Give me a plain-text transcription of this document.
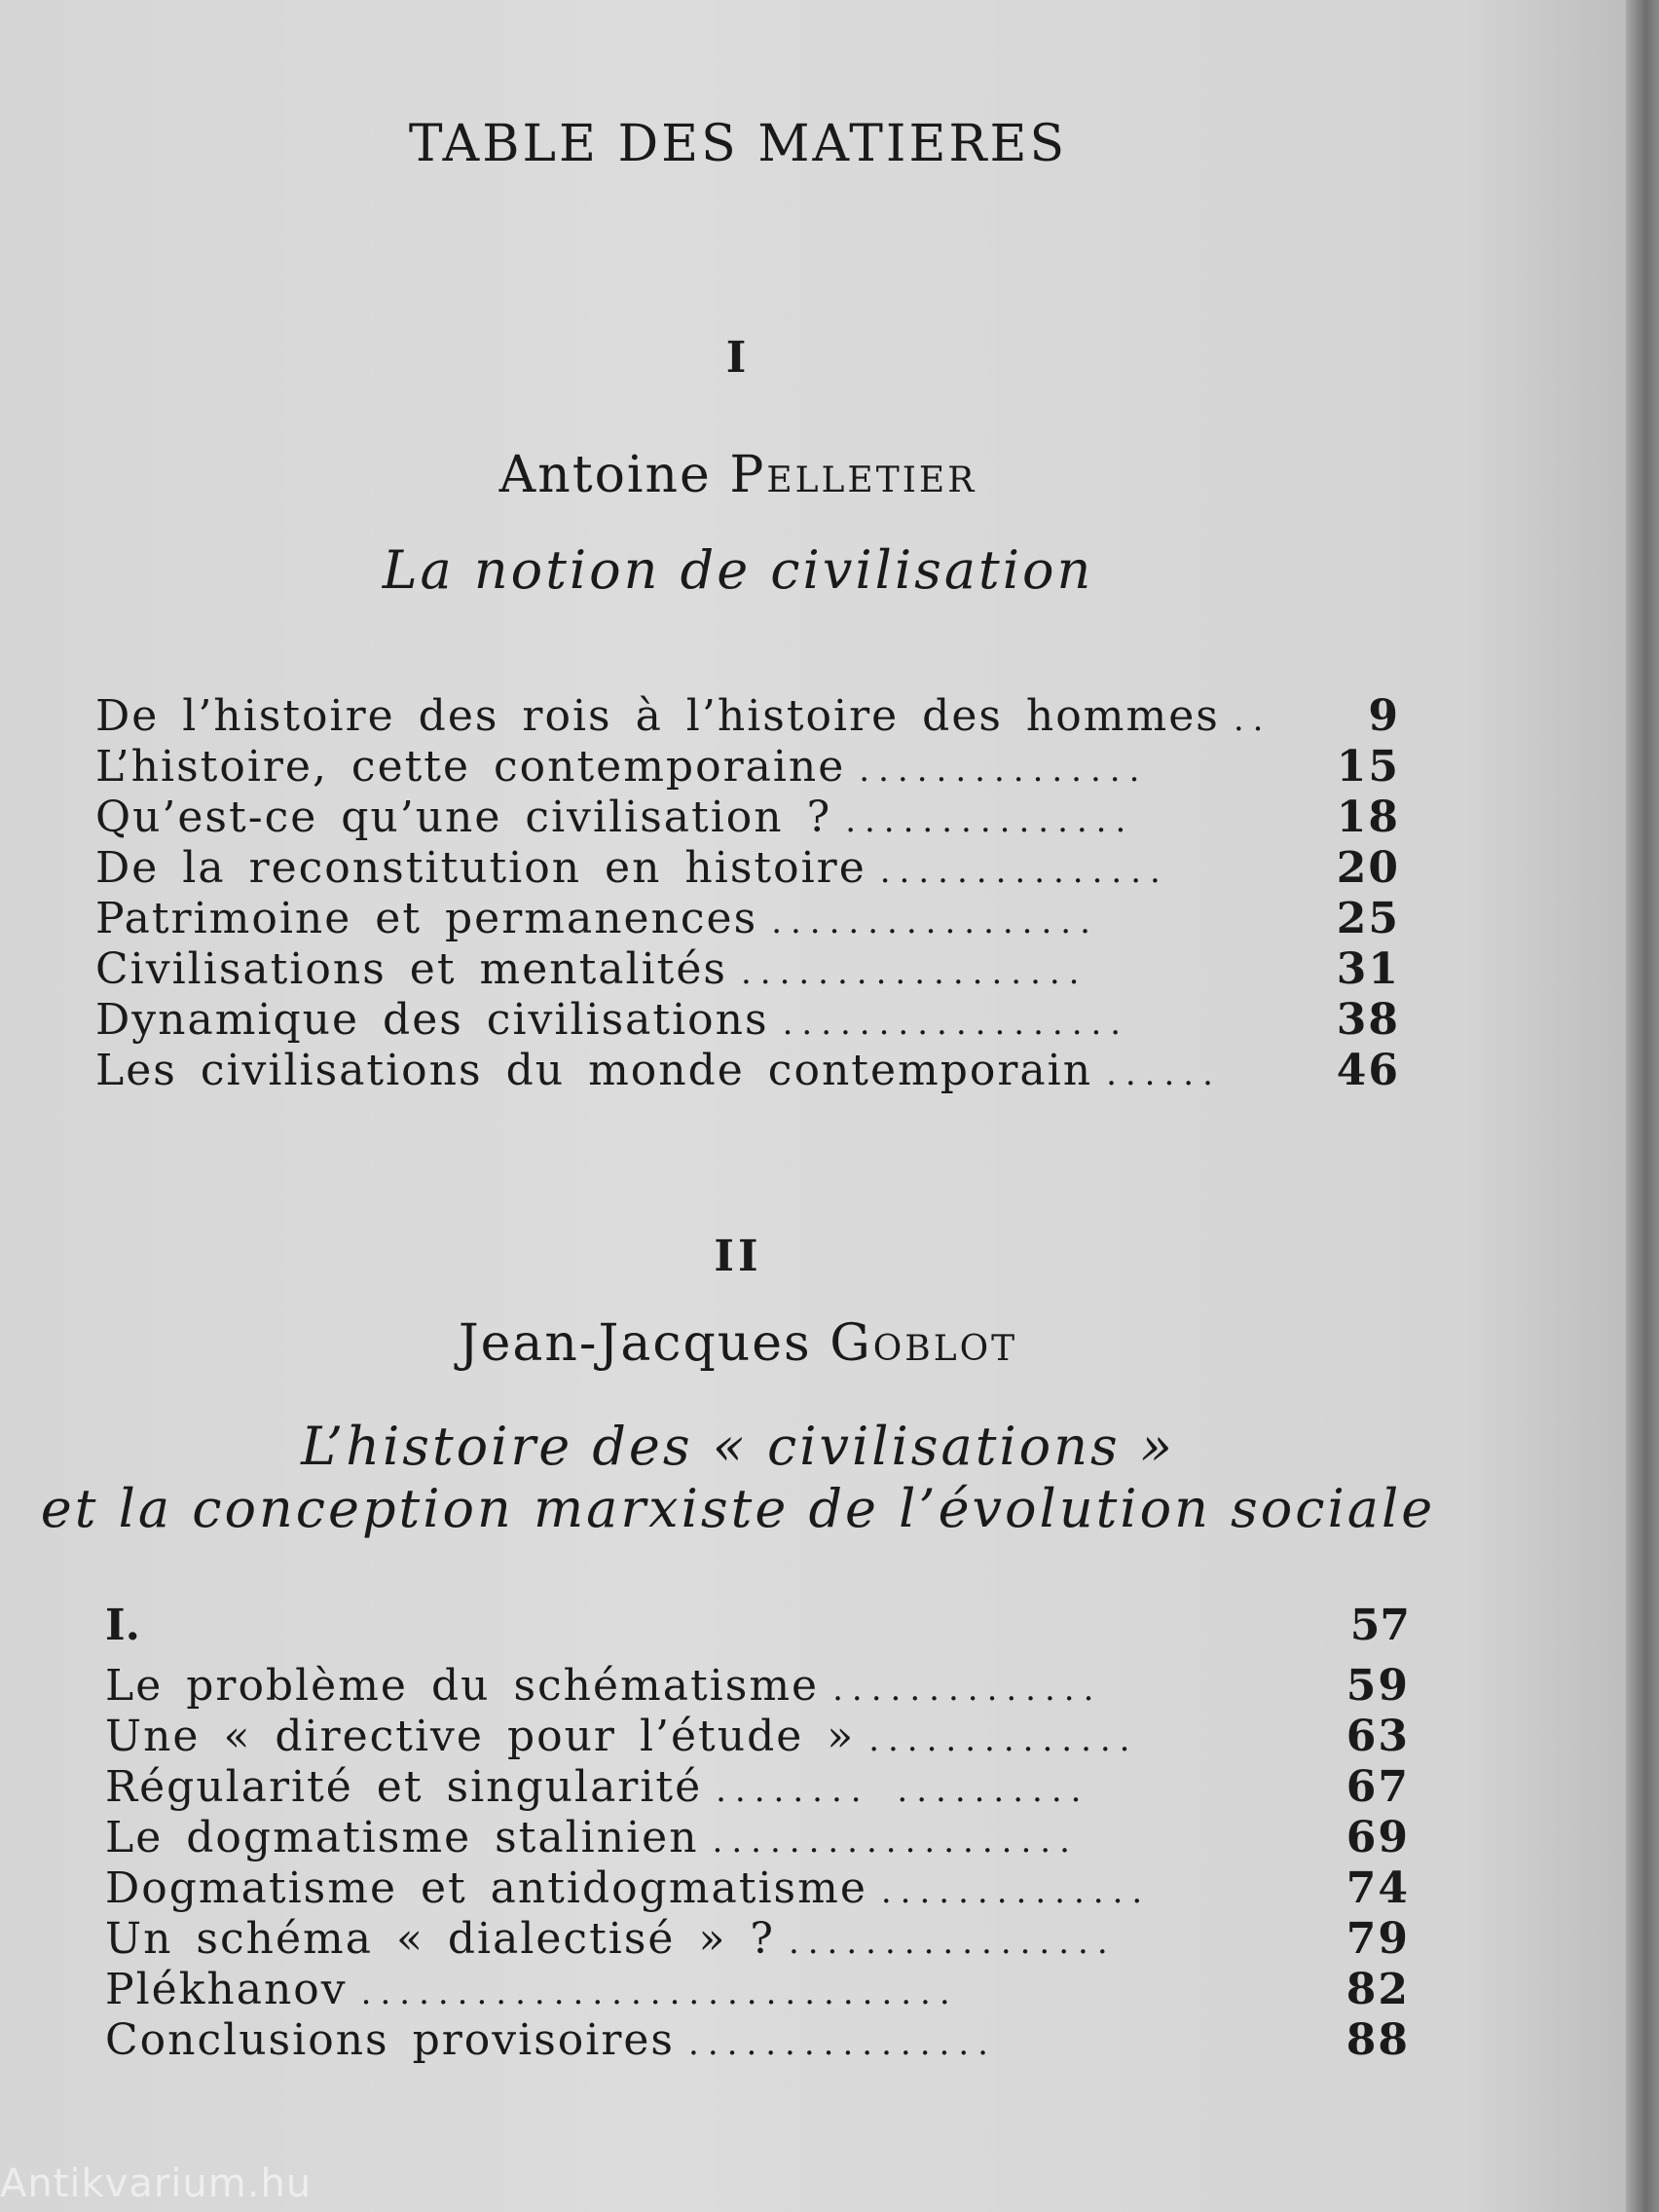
TABLE DES MATIERES
I
Antoine Pelletier
La notion de civilisation
De l’histoire des rois à l’histoire des hommes ..	9
L’histoire, cette contemporaine ...............	15
Qu’est-ce qu’une civilisation ? ...............	18
De la reconstitution en histoire ...............	20
Patrimoine et permanences .................	25
Civilisations et mentalités ..................	31
Dynamique des civilisations ..................	38
Les civilisations du monde contemporain ......	46
II
Jean-Jacques Goblot
L’histoire des « civilisations »
et la conception marxiste de l’évolution sociale
I.	57
Le problème du schématisme ..............	59
Une « directive pour l’étude » ..............	63
Régularité et singularité ........ ..........	67
Le dogmatisme stalinien ...................	69
Dogmatisme et antidogmatisme ..............	74
Un schéma « dialectisé » ? .................	79
Plékhanov ...............................	82
Conclusions provisoires ................	88
Antikvarium.hu
